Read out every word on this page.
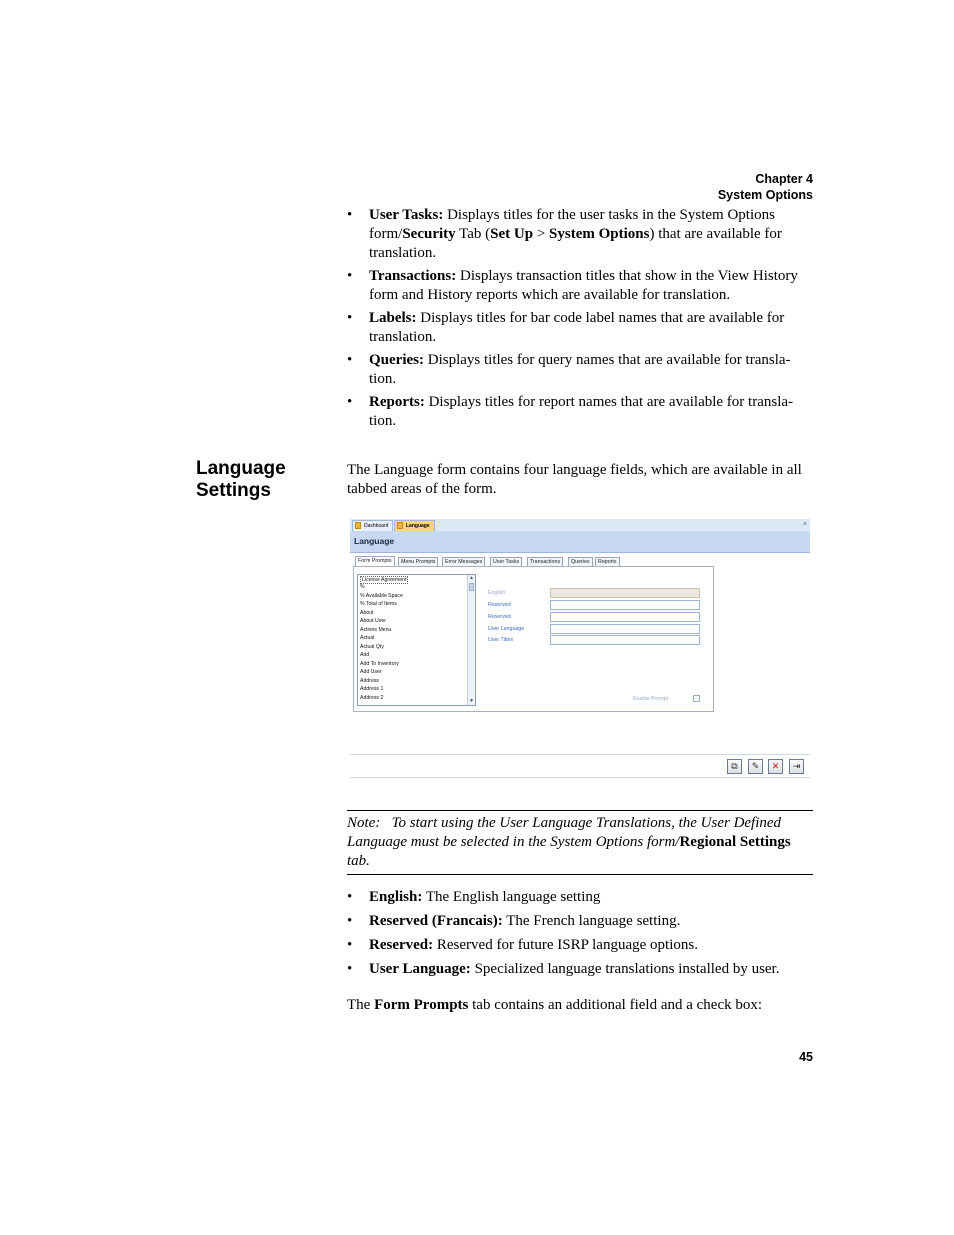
Chapter 4
System Options
• User Tasks: Displays titles for the user tasks in the System Options form/Security Tab (Set Up > System Options) that are available for translation.
• Transactions: Displays transaction titles that show in the View History form and History reports which are available for translation.
• Labels: Displays titles for bar code label names that are available for translation.
• Queries: Displays titles for query names that are available for transla-tion.
• Reports: Displays titles for report names that are available for transla-tion.
Language Settings
The Language form contains four language fields, which are available in all tabbed areas of the form.
Dashboard	Language	×
Language
Form Prompts	Menu Prompts	Error Messages	User Tasks	Transactions	Queries	Reports
License Agreement
%
% Available Space
% Total of Items
About
About User
Actions Menu
Actual
Actual Qty
Add
Add To Inventory
Add User
Address
Address 1
Address 2
▲
▼
English
Reserved
Reserved
User Language
User Titles
Enable Prompt
⧉	✎	✕	⇥
Note: To start using the User Language Translations, the User Defined Language must be selected in the System Options form/Regional Settings tab.
• English: The English language setting
• Reserved (Francais): The French language setting.
• Reserved: Reserved for future ISRP language options.
• User Language: Specialized language translations installed by user.
The Form Prompts tab contains an additional field and a check box:
45
